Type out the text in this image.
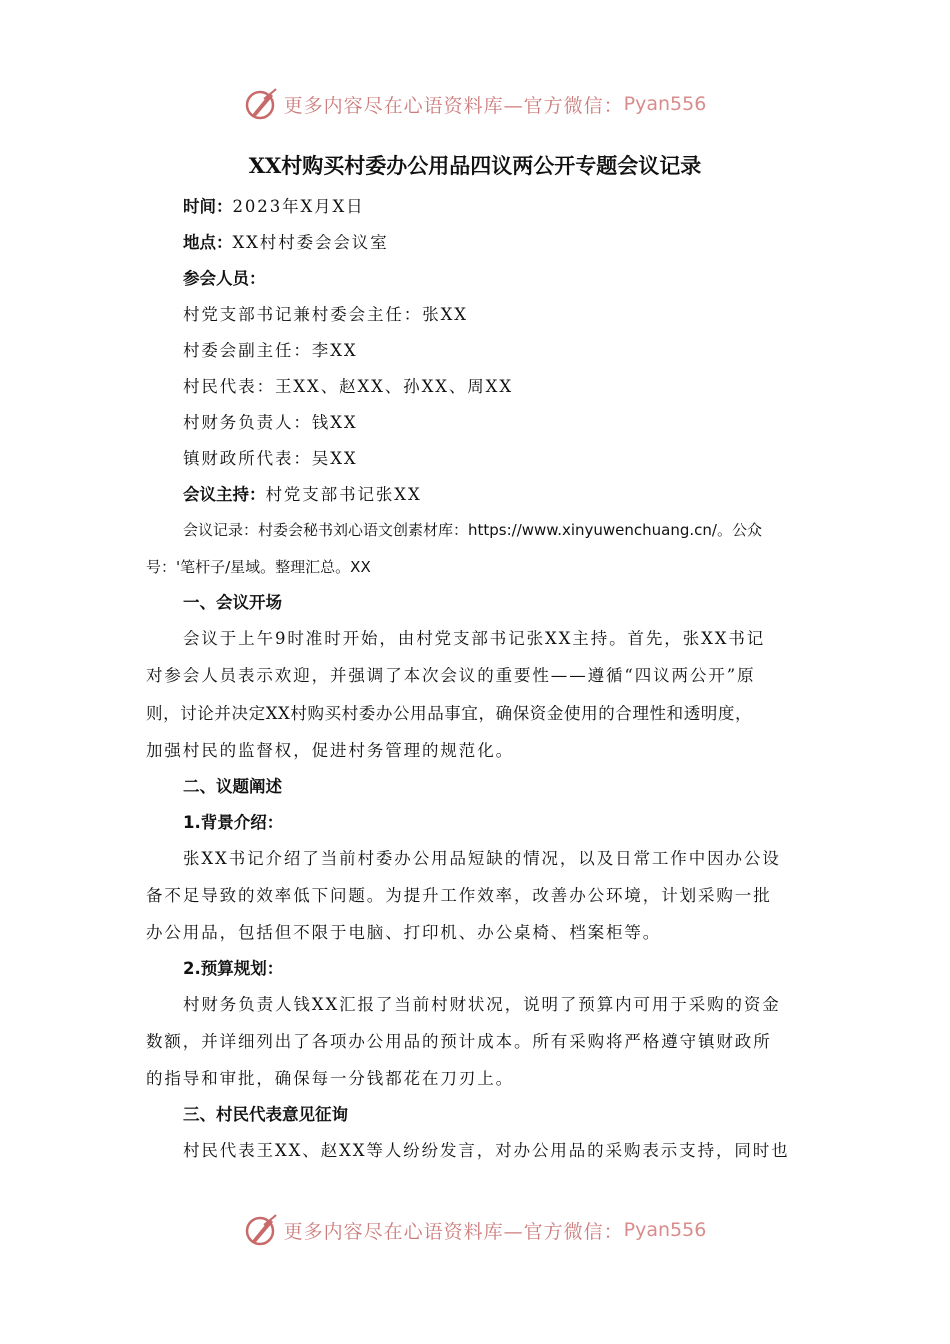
更多内容尽在心语资料库—官方微信： Pyan556
XX村购买村委办公用品四议两公开专题会议记录
时间：2023年X月X日
地点：XX村村委会会议室
参会人员：
村党支部书记兼村委会主任：张XX
村委会副主任：李XX
村民代表：王XX、赵XX、孙XX、周XX
村财务负责人：钱XX
镇财政所代表：吴XX
会议主持：村党支部书记张XX
会议记录：村委会秘书刘心语文创素材库：https://www.xinyuwenchuang.cn/。公众
号：'笔杆子/星域。整理汇总。XX
一、会议开场
会议于上午9时准时开始，由村党支部书记张XX主持。首先，张XX书记
对参会人员表示欢迎，并强调了本次会议的重要性——遵循“四议两公开”原
则，讨论并决定XX村购买村委办公用品事宜，确保资金使用的合理性和透明度，
加强村民的监督权，促进村务管理的规范化。
二、议题阐述
1.背景介绍：
张XX书记介绍了当前村委办公用品短缺的情况，以及日常工作中因办公设
备不足导致的效率低下问题。为提升工作效率，改善办公环境，计划采购一批
办公用品，包括但不限于电脑、打印机、办公桌椅、档案柜等。
2.预算规划：
村财务负责人钱XX汇报了当前村财状况，说明了预算内可用于采购的资金
数额，并详细列出了各项办公用品的预计成本。所有采购将严格遵守镇财政所
的指导和审批，确保每一分钱都花在刀刃上。
三、村民代表意见征询
村民代表王XX、赵XX等人纷纷发言，对办公用品的采购表示支持，同时也
更多内容尽在心语资料库—官方微信： Pyan556
